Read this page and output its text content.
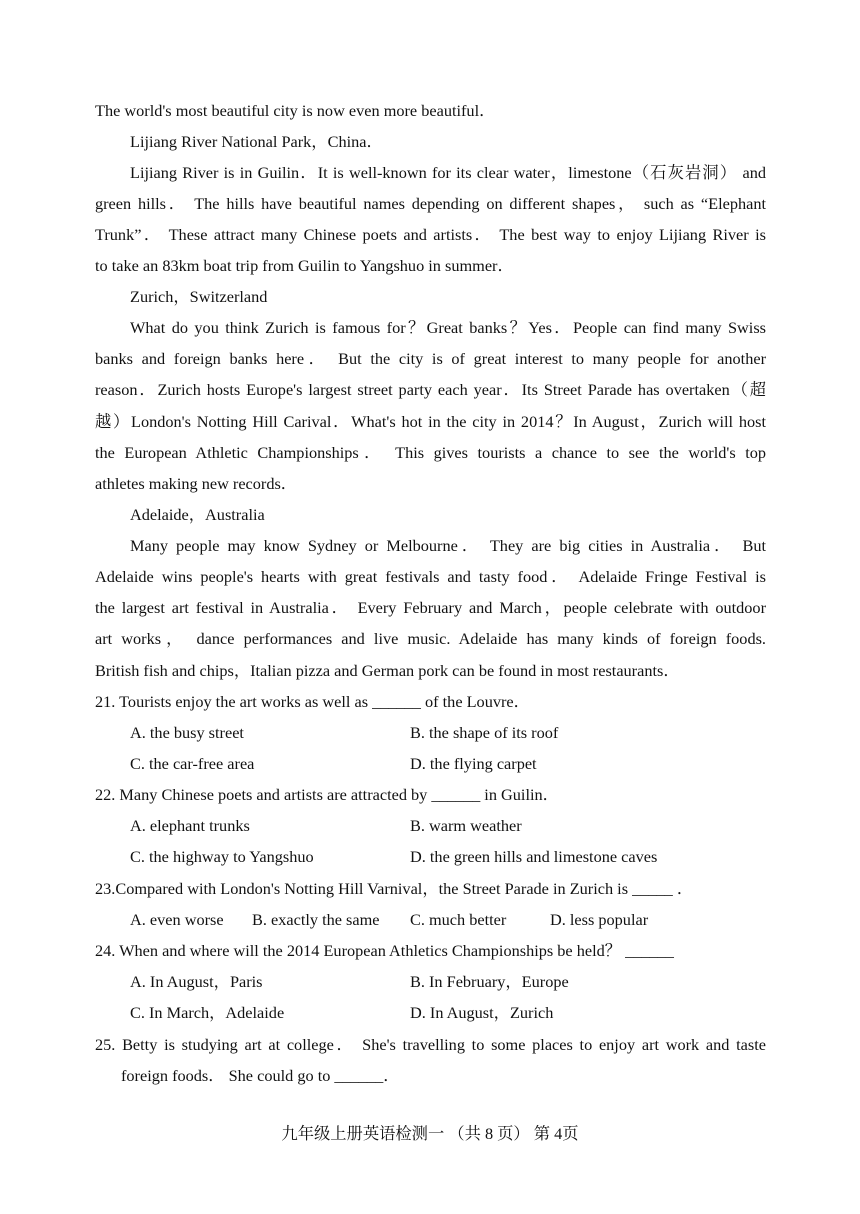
The world's most beautiful city is now even more beautiful．
Lijiang River National Park，China．
Lijiang River is in Guilin．It is well-known for its clear water，limestone（石灰岩洞） and
green hills． The hills have beautiful names depending on different shapes， such as “Elephant
Trunk”． These attract many Chinese poets and artists． The best way to enjoy Lijiang River is
to take an 83km boat trip from Guilin to Yangshuo in summer．
Zurich，Switzerland
What do you think Zurich is famous for？Great banks？Yes．People can find many Swiss
banks and foreign banks here． But the city is of great interest to many people for another
reason．Zurich hosts Europe's largest street party each year．Its Street Parade has overtaken（超
越）London's Notting Hill Carival．What's hot in the city in 2014？In August，Zurich will host
the European Athletic Championships． This gives tourists a chance to see the world's top
athletes making new records．
Adelaide，Australia
Many people may know Sydney or Melbourne． They are big cities in Australia． But
Adelaide wins people's hearts with great festivals and tasty food． Adelaide Fringe Festival is
the largest art festival in Australia． Every February and March，people celebrate with outdoor
art works， dance performances and live music. Adelaide has many kinds of foreign foods.
British fish and chips，Italian pizza and German pork can be found in most restaurants．
21. Tourists enjoy the art works as well as ______ of the Louvre．
A. the busy street	B. the shape of its roof
C. the car-free area	D. the flying carpet
22. Many Chinese poets and artists are attracted by ______ in Guilin．
A. elephant trunks	B. warm weather
C. the highway to Yangshuo	D. the green hills and limestone caves
23.Compared with London's Notting Hill Varnival，the Street Parade in Zurich is _____ ．
A. even worse B. exactly the same C. much better	D. less popular
24. When and where will the 2014 European Athletics Championships be held？ ______
A. In August，Paris	B. In February，Europe
C. In March，Adelaide	D. In August，Zurich
25. Betty is studying art at college． She's travelling to some places to enjoy art work and taste
foreign foods． She could go to ______．
九年级上册英语检测一 （共 8 页） 第 4页
